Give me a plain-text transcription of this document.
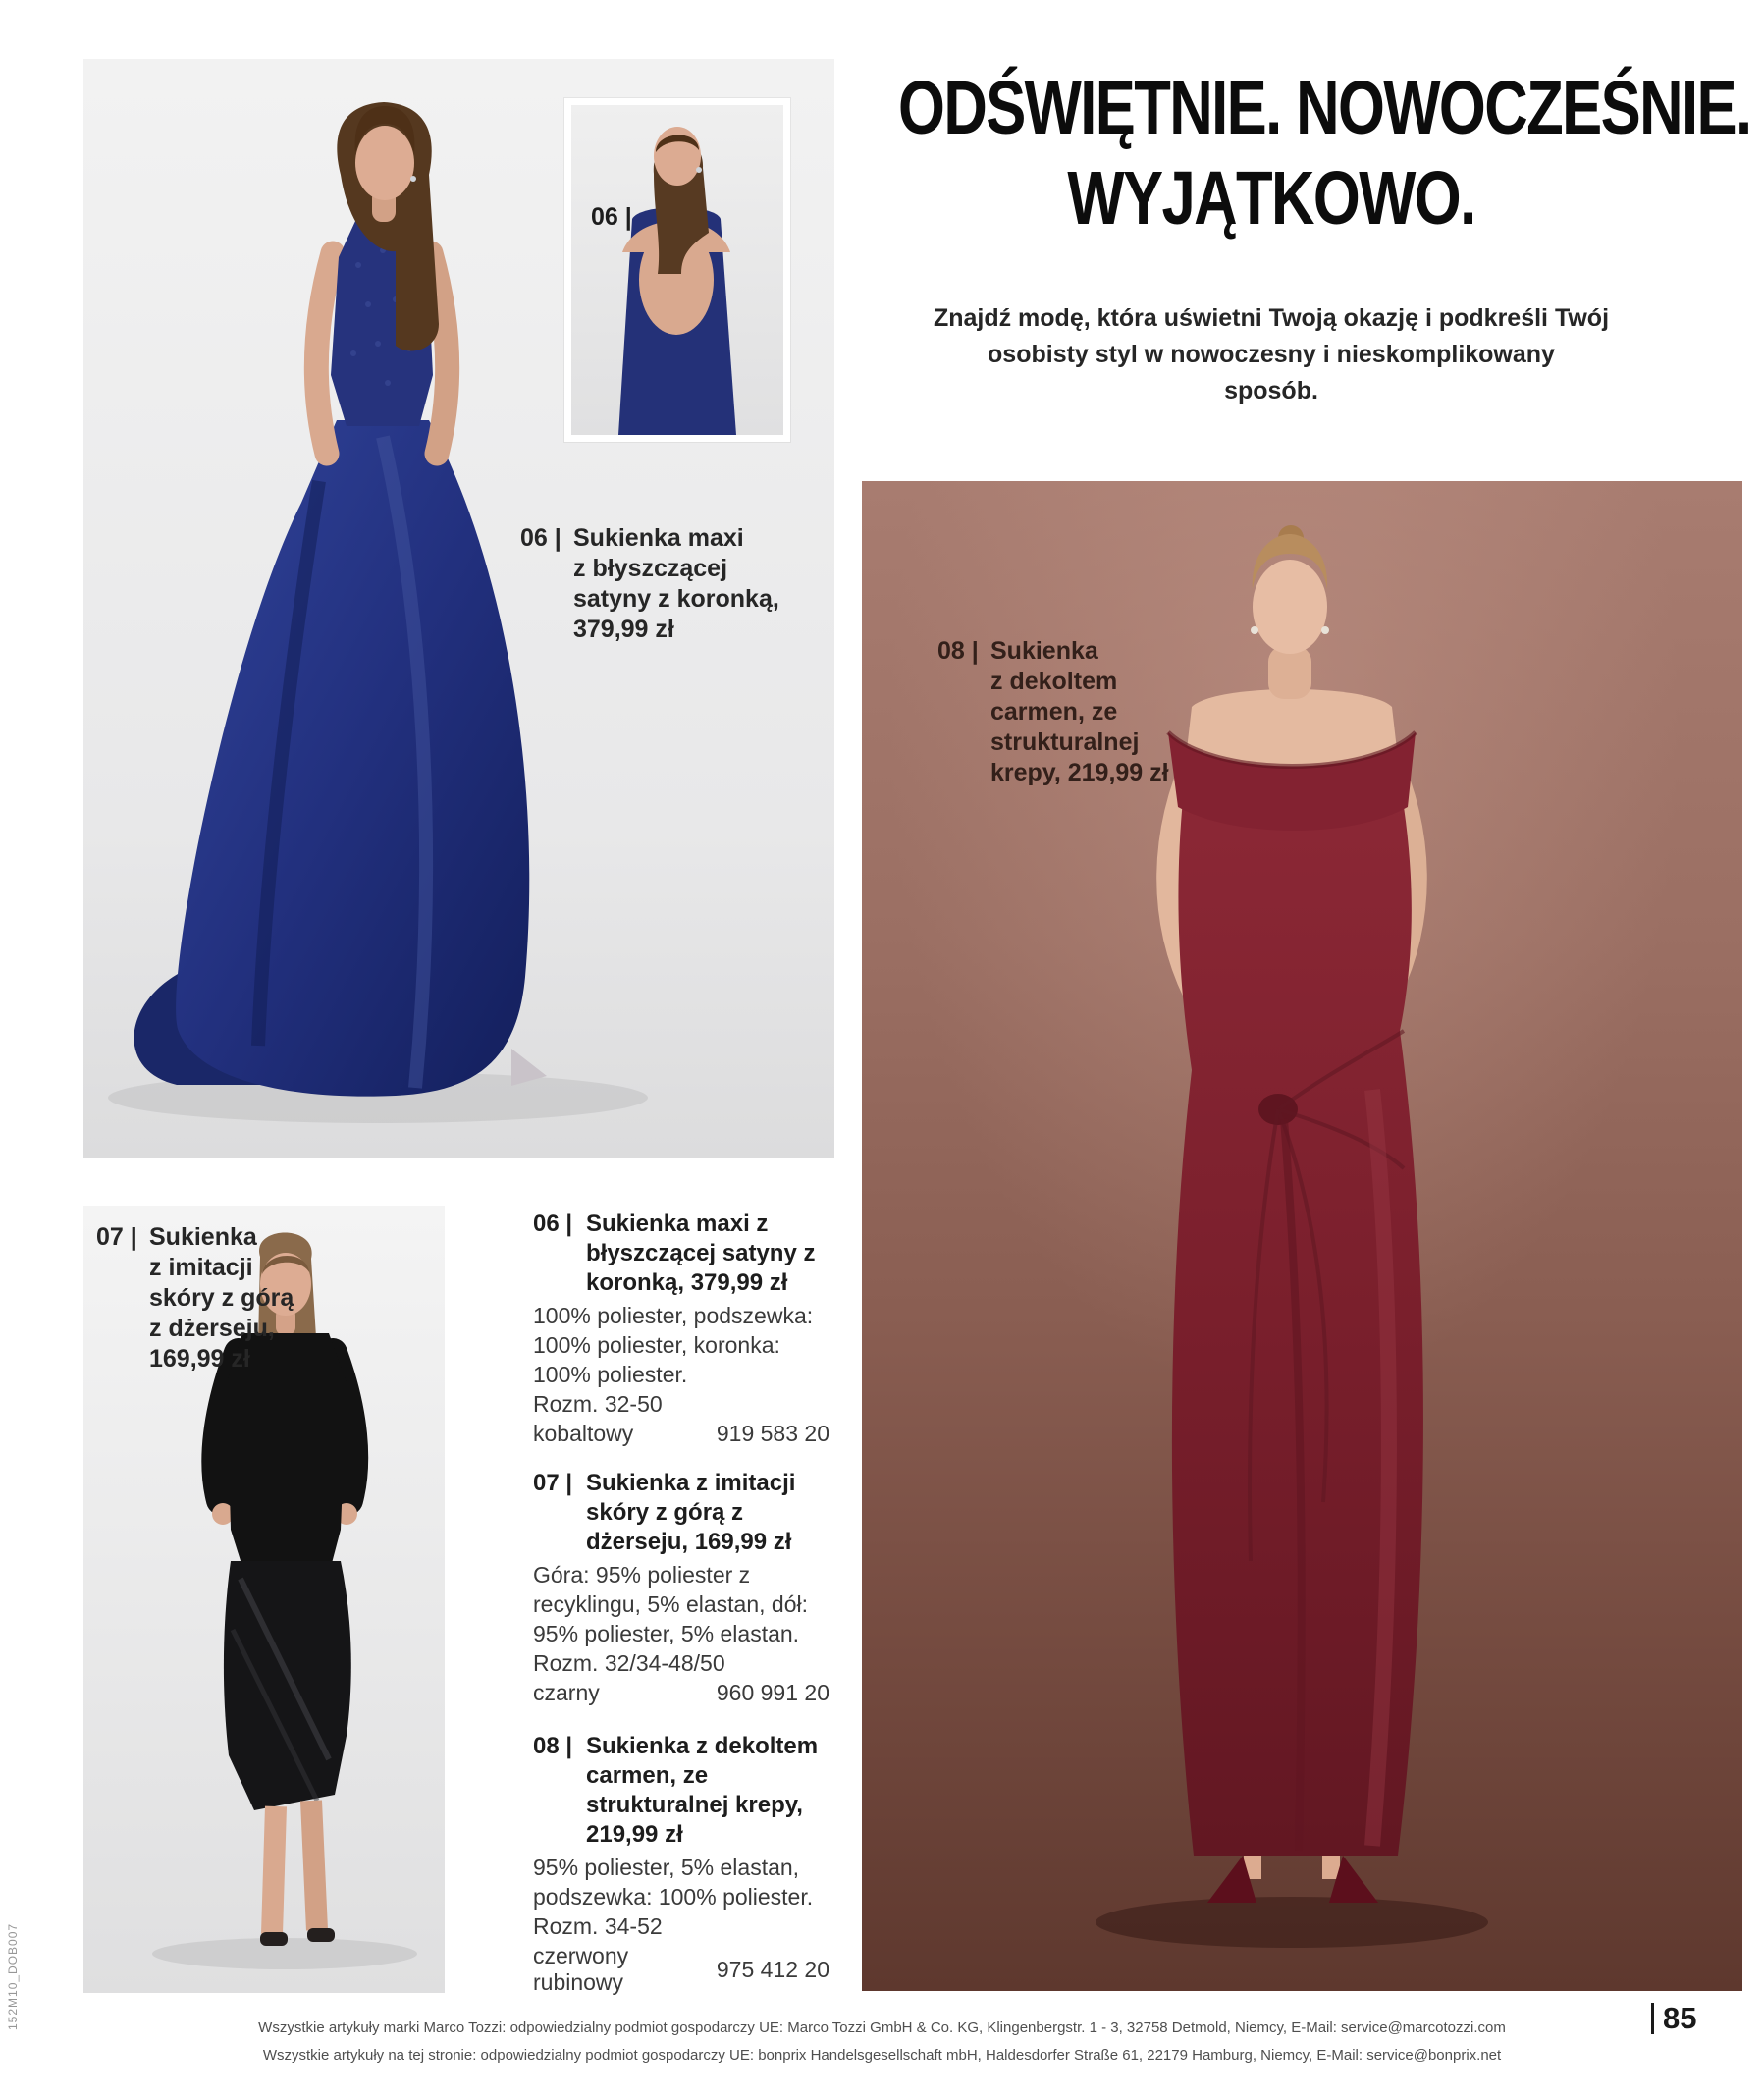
06 | Sukienka maxi
z błyszczącej
satyny z koronką,
379,99 zł
06 |
ODŚWIĘTNIE. NOWOCZEŚNIE.
WYJĄTKOWO.
Znajdź modę, która uświetni Twoją okazję i podkreśli Twój
osobisty styl w nowoczesny i nieskomplikowany
sposób.
08 | Sukienka
z dekoltem
carmen, ze
strukturalnej
krepy, 219,99 zł
07 | Sukienka
z imitacji
skóry z górą
z dżerseju,
169,99 zł
06 | Sukienka maxi z błyszczącej satyny z koronką, 379,99 zł
100% poliester, podszewka: 100% poliester, koronka: 100% poliester.
Rozm. 32-50
kobaltowy	919 583 20
07 | Sukienka z imitacji skóry z górą z dżerseju, 169,99 zł
Góra: 95% poliester z recyklingu, 5% elastan, dół: 95% poliester, 5% elastan.
Rozm. 32/34-48/50
czarny	960 991 20
08 | Sukienka z dekoltem carmen, ze strukturalnej krepy, 219,99 zł
95% poliester, 5% elastan, podszewka: 100% poliester.
Rozm. 34-52
czerwony rubinowy
975 412 20
Wszystkie artykuły marki Marco Tozzi: odpowiedzialny podmiot gospodarczy UE: Marco Tozzi GmbH & Co. KG, Klingenbergstr. 1 - 3, 32758 Detmold, Niemcy, E-Mail: service@marcotozzi.com
Wszystkie artykuły na tej stronie: odpowiedzialny podmiot gospodarczy UE: bonprix Handelsgesellschaft mbH, Haldesdorfer Straße 61, 22179 Hamburg, Niemcy, E-Mail: service@bonprix.net
85
152M10_DOB007
